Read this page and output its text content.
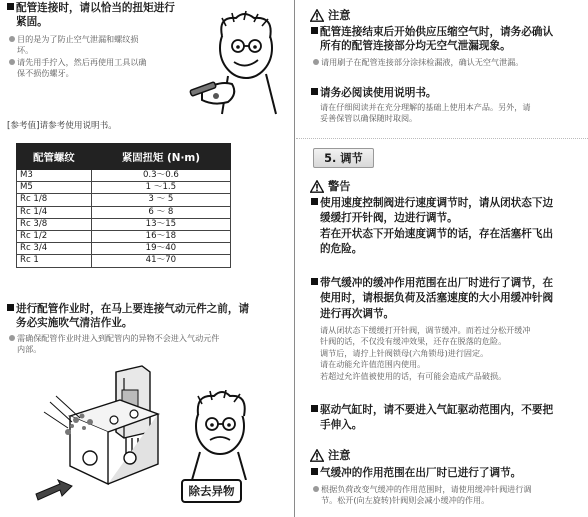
配管连接时，请以恰当的扭矩进行
紧固。
目的是为了防止空气泄漏和螺纹损
坏。
请先用手拧入，然后再使用工具以确
保不损伤螺牙。
[参考值]请参考使用说明书。
配管螺纹	紧固扭矩 (N·m)
M3	0.3～0.6
M5	1 ～1.5
Rc 1/8	3 ～ 5
Rc 1/4	6 ～ 8
Rc 3/8	13～15
Rc 1/2	16～18
Rc 3/4	19～40
Rc 1	41～70
进行配管作业时，在马上要连接气动元件之前，请
务必实施吹气清洁作业。
需确保配管作业时进入到配管内的异物不会进入气动元件
内部。
除去异物
注意
配管连接结束后开始供应压缩空气时，请务必确认
所有的配管连接部分均无空气泄漏现象。
请用刷子在配管连接部分涂抹检漏液，确认无空气泄漏。
请务必阅读使用说明书。
请在仔细阅读并在充分理解的基础上使用本产品。另外，请
妥善保管以确保随时取阅。
5. 调节
警告
使用速度控制阀进行速度调节时，请从闭状态下边
缓缓打开针阀，边进行调节。
若在开状态下开始速度调节的话，存在活塞杆飞出
的危险。
带气缓冲的缓冲作用范围在出厂时进行了调节，在
使用时，请根据负荷及活塞速度的大小用缓冲针阀
进行再次调节。
请从闭状态下缓缓打开针阀，调节缓冲。而若过分松开缓冲
针阀的话，不仅没有缓冲效果，还存在脱落的危险。
调节后，请拧上针阀锁母(六角锁母)进行固定。
请在动能允许值范围内使用。
若超过允许值被使用的话，有可能会造成产品破损。
驱动气缸时，请不要进入气缸驱动范围内，不要把
手伸入。
注意
气缓冲的作用范围在出厂时已进行了调节。
根据负荷改变气缓冲的作用范围时，请使用缓冲针阀进行调
节。松开(向左旋转)针阀则会减小缓冲的作用。
